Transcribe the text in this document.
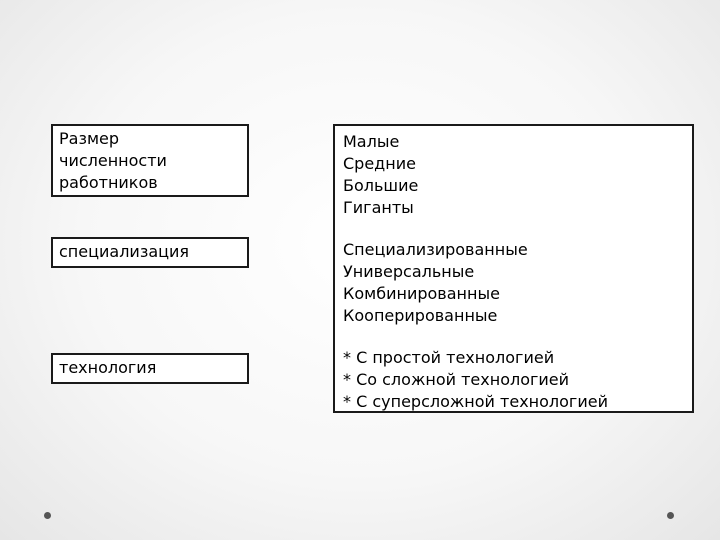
Размер
численности
работников
специализация
технология
Малые
Средние
Большие
Гиганты
Специализированные
Универсальные
Комбинированные
Кооперированные
* С простой технологией
* Со сложной технологией
* С суперсложной технологией
